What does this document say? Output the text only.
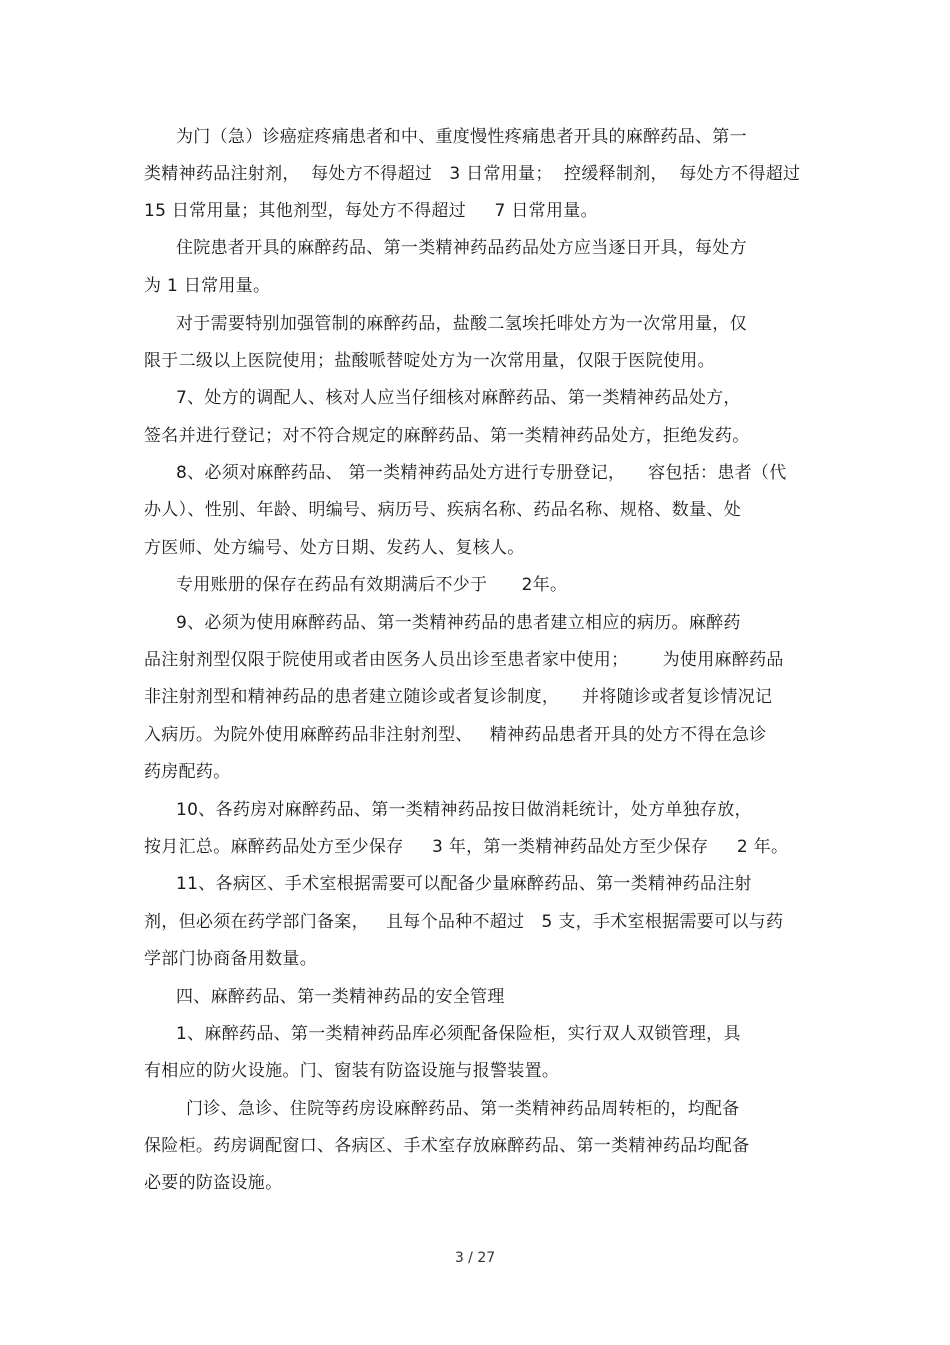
为门（急）诊癌症疼痛患者和中、重度慢性疼痛患者开具的麻醉药品、第一
类精神药品注射剂，  每处方不得超过   3 日常用量；  控缓释制剂，  每处方不得超过
15 日常用量；其他剂型，每处方不得超过     7 日常用量。
住院患者开具的麻醉药品、第一类精神药品药品处方应当逐日开具，每处方
为 1 日常用量。
对于需要特别加强管制的麻醉药品，盐酸二氢埃托啡处方为一次常用量，仅
限于二级以上医院使用；盐酸哌替啶处方为一次常用量，仅限于医院使用。
7、处方的调配人、核对人应当仔细核对麻醉药品、第一类精神药品处方，
签名并进行登记；对不符合规定的麻醉药品、第一类精神药品处方，拒绝发药。
8、必须对麻醉药品、 第一类精神药品处方进行专册登记，    容包括：患者（代
办人）、性别、年龄、明编号、病历号、疾病名称、药品名称、规格、数量、处
方医师、处方编号、处方日期、发药人、复核人。
专用账册的保存在药品有效期满后不少于      2年。
9、必须为使用麻醉药品、第一类精神药品的患者建立相应的病历。麻醉药
品注射剂型仅限于院使用或者由医务人员出诊至患者家中使用；      为使用麻醉药品
非注射剂型和精神药品的患者建立随诊或者复诊制度，    并将随诊或者复诊情况记
入病历。为院外使用麻醉药品非注射剂型、   精神药品患者开具的处方不得在急诊
药房配药。
10、各药房对麻醉药品、第一类精神药品按日做消耗统计，处方单独存放，
按月汇总。麻醉药品处方至少保存     3 年，第一类精神药品处方至少保存     2 年。
11、各病区、手术室根据需要可以配备少量麻醉药品、第一类精神药品注射
剂，但必须在药学部门备案，   且每个品种不超过   5 支，手术室根据需要可以与药
学部门协商备用数量。
四、麻醉药品、第一类精神药品的安全管理
1、麻醉药品、第一类精神药品库必须配备保险柜，实行双人双锁管理，具
有相应的防火设施。门、窗装有防盗设施与报警装置。
门诊、急诊、住院等药房设麻醉药品、第一类精神药品周转柜的，均配备
保险柜。药房调配窗口、各病区、手术室存放麻醉药品、第一类精神药品均配备
必要的防盗设施。
3 / 27
